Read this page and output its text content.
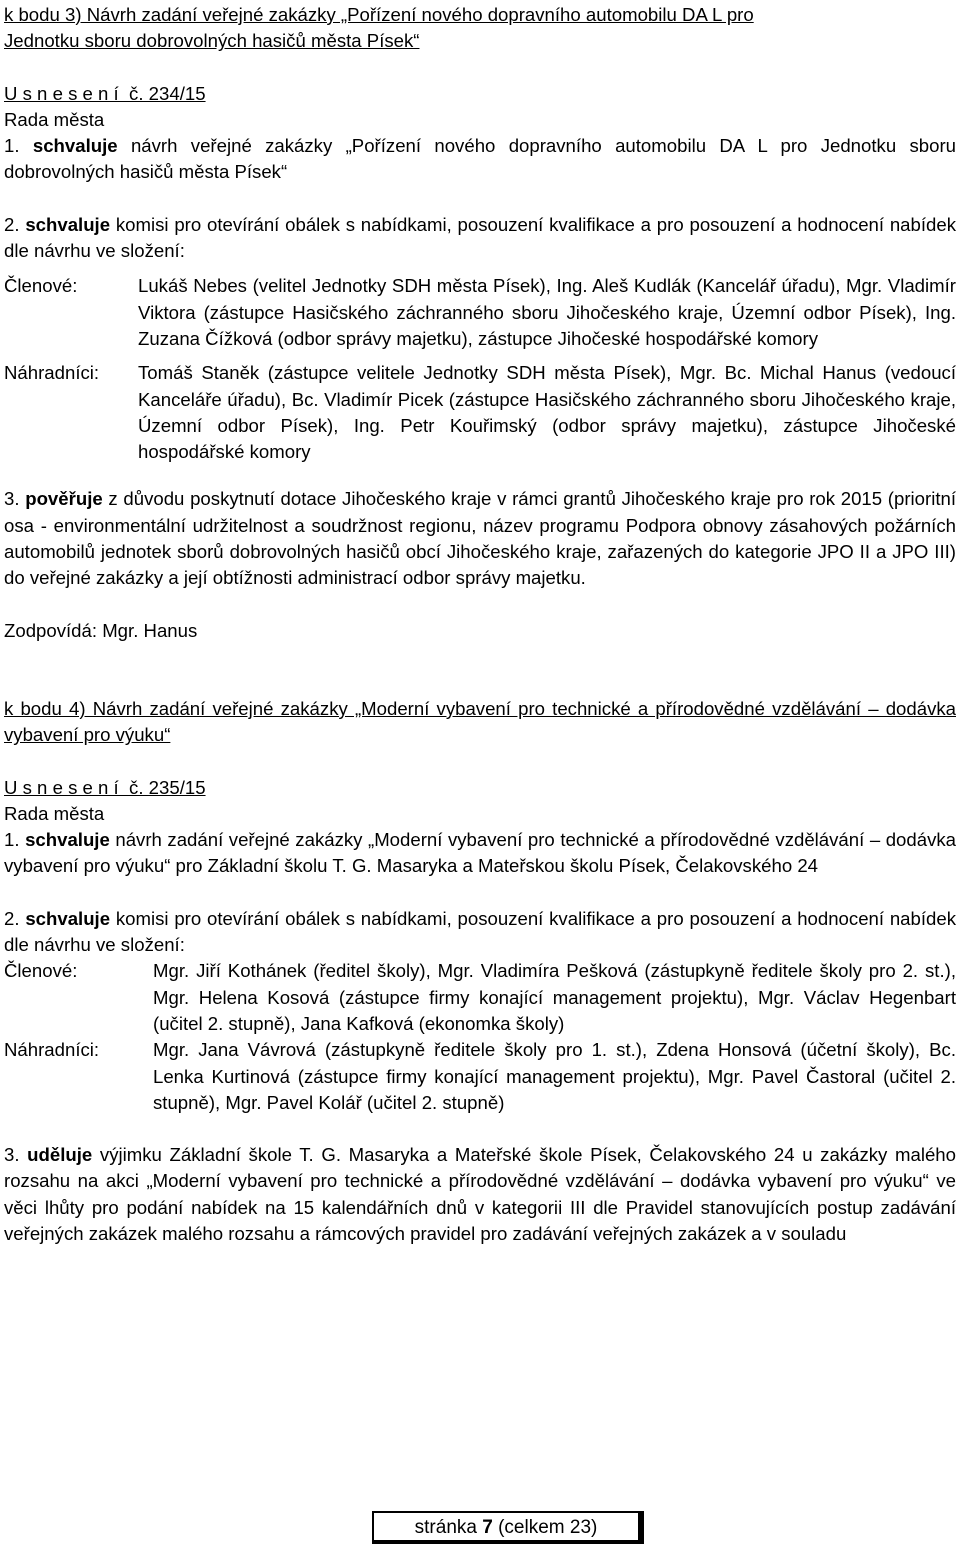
k bodu 3) Návrh zadání veřejné zakázky „Pořízení nového dopravního automobilu DA L pro

Jednotku sboru dobrovolných hasičů města Písek“

U s n e s e n í  č. 234/15

Rada města

1. schvaluje návrh veřejné zakázky „Pořízení nového dopravního automobilu DA L pro Jednotku sboru dobrovolných hasičů města Písek“

2. schvaluje komisi pro otevírání obálek s nabídkami, posouzení kvalifikace a pro posouzení a hodnocení nabídek dle návrhu ve složení:

Členové:	Lukáš Nebes (velitel Jednotky SDH města Písek), Ing. Aleš Kudlák (Kancelář úřadu), Mgr. Vladimír Viktora (zástupce Hasičského záchranného sboru Jihočeského kraje, Územní odbor Písek), Ing. Zuzana Čížková (odbor správy majetku), zástupce Jihočeské hospodářské komory
Náhradníci:	Tomáš Staněk (zástupce velitele Jednotky SDH města Písek), Mgr. Bc. Michal Hanus (vedoucí Kanceláře úřadu), Bc. Vladimír Picek (zástupce Hasičského záchranného sboru Jihočeského kraje, Územní odbor Písek), Ing. Petr Kouřimský (odbor správy majetku), zástupce Jihočeské hospodářské komory

3. pověřuje z důvodu poskytnutí dotace Jihočeského kraje v rámci grantů Jihočeského kraje pro rok 2015 (prioritní osa - environmentální udržitelnost a soudržnost regionu, název programu Podpora obnovy zásahových požárních automobilů jednotek sborů dobrovolných hasičů obcí Jihočeského kraje, zařazených do kategorie JPO II a JPO III) do veřejné zakázky a její obtížnosti administrací odbor správy majetku.

Zodpovídá: Mgr. Hanus

k bodu 4) Návrh zadání veřejné zakázky „Moderní vybavení pro technické a přírodovědné vzdělávání – dodávka vybavení pro výuku“

U s n e s e n í  č. 235/15

Rada města

1. schvaluje návrh zadání veřejné zakázky „Moderní vybavení pro technické a přírodovědné vzdělávání – dodávka vybavení pro výuku“ pro Základní školu T. G. Masaryka a Mateřskou školu Písek, Čelakovského 24

2. schvaluje komisi pro otevírání obálek s nabídkami, posouzení kvalifikace a pro posouzení a hodnocení nabídek dle návrhu ve složení:

Členové:	Mgr. Jiří Kothánek (ředitel školy), Mgr. Vladimíra Pešková (zástupkyně ředitele školy pro 2. st.), Mgr. Helena Kosová (zástupce firmy konající management projektu), Mgr. Václav Hegenbart (učitel 2. stupně), Jana Kafková (ekonomka školy)
Náhradníci:	Mgr. Jana Vávrová (zástupkyně ředitele školy pro 1. st.), Zdena Honsová (účetní školy), Bc. Lenka Kurtinová (zástupce firmy konající management projektu), Mgr. Pavel Častoral (učitel 2. stupně), Mgr. Pavel Kolář (učitel 2. stupně)

3. uděluje výjimku Základní škole T. G. Masaryka a Mateřské škole Písek, Čelakovského 24 u zakázky malého rozsahu na akci „Moderní vybavení pro technické a přírodovědné vzdělávání – dodávka vybavení pro výuku“ ve věci lhůty pro podání nabídek na 15 kalendářních dnů v kategorii III dle Pravidel stanovujících postup zadávání veřejných zakázek malého rozsahu a rámcových pravidel pro zadávání veřejných zakázek a v souladu

stránka 7 (celkem 23)
